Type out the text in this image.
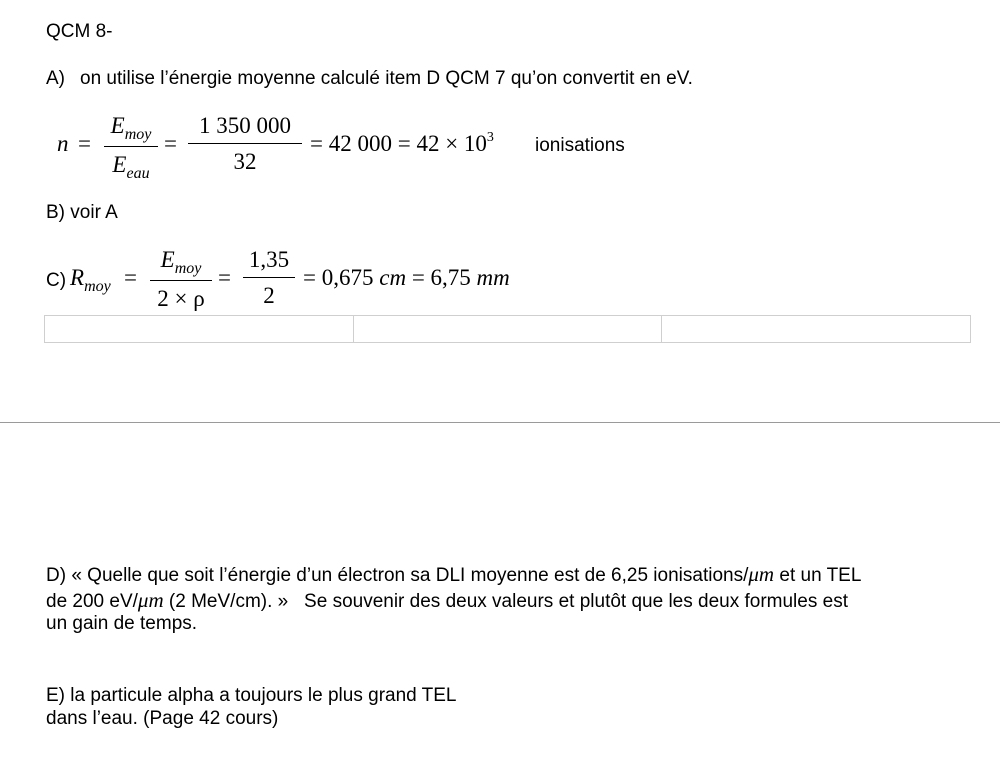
QCM 8-
A) on utilise l’énergie moyenne calculé item D QCM 7 qu’on convertit en eV.
n =
$E_{moy}$
$E_{eau}$
=
1 350 000
32
= 42 $000 = 42 \times 10^3$ ionisations
B) voir A
C) $R_{moy}$ =
$E_{moy}$
2 × ρ
=
1,35
2
= 0,675 cm = 6,75 mm
D) « Quelle que soit l’énergie d’un électron sa DLI moyenne est de 6,25 ionisations/μm et un TEL
de 200 eV/μm (2 MeV/cm). »   Se souvenir des deux valeurs et plutôt que les deux formules est
un gain de temps.
E) la particule alpha a toujours le plus grand TEL
dans l’eau. (Page 42 cours)
